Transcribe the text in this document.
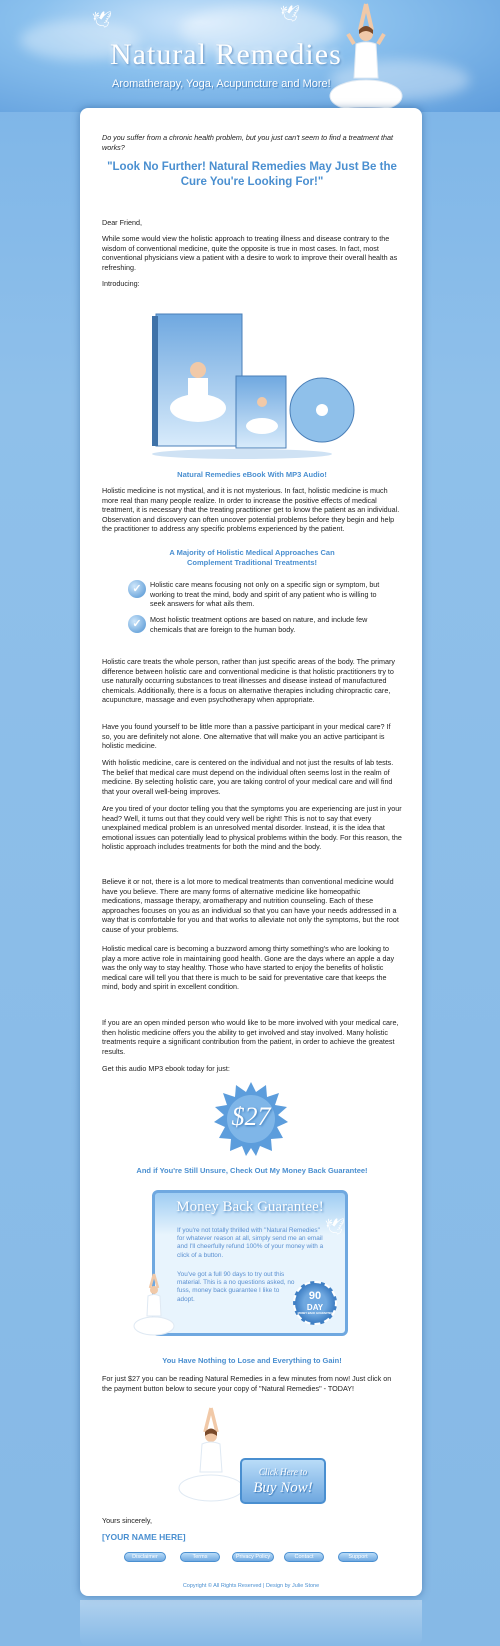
🕊	🕊
Natural Remedies
Aromatherapy, Yoga, Acupuncture and More!
Do you suffer from a chronic health problem, but you just can't seem to find a treatment that works?
"Look No Further! Natural Remedies May Just Be the Cure You're Looking For!"
Dear Friend,
While some would view the holistic approach to treating illness and disease contrary to the wisdom of conventional medicine, quite the opposite is true in most cases. In fact, most conventional physicians view a patient with a desire to work to improve their overall health as refreshing.
Introducing:
Natural Remedies eBook With MP3 Audio!
Holistic medicine is not mystical, and it is not mysterious. In fact, holistic medicine is much more real than many people realize. In order to increase the positive effects of medical treatment, it is necessary that the treating practitioner get to know the patient as an individual. Observation and discovery can often uncover potential problems before they begin and help the practitioner to address any specific problems experienced by the patient.
A Majority of Holistic Medical Approaches Can Complement Traditional Treatments!
✓	Holistic care means focusing not only on a specific sign or symptom, but working to treat the mind, body and spirit of any patient who is willing to seek answers for what ails them.
✓	Most holistic treatment options are based on nature, and include few chemicals that are foreign to the human body.
Holistic care treats the whole person, rather than just specific areas of the body. The primary difference between holistic care and conventional medicine is that holistic practitioners try to use naturally occurring substances to treat illnesses and disease instead of manufactured chemicals. Additionally, there is a focus on alternative therapies including chiropractic care, acupuncture, massage and even psychotherapy when appropriate.
Have you found yourself to be little more than a passive participant in your medical care? If so, you are definitely not alone. One alternative that will make you an active participant is holistic medicine.
With holistic medicine, care is centered on the individual and not just the results of lab tests. The belief that medical care must depend on the individual often seems lost in the realm of medicine. By selecting holistic care, you are taking control of your medical care and will find that your overall well-being improves.
Are you tired of your doctor telling you that the symptoms you are experiencing are just in your head? Well, it turns out that they could very well be right! This is not to say that every unexplained medical problem is an unresolved mental disorder. Instead, it is the idea that emotional issues can potentially lead to physical problems within the body. For this reason, the holistic approach includes treatments for both the mind and the body.
Believe it or not, there is a lot more to medical treatments than conventional medicine would have you believe. There are many forms of alternative medicine like homeopathic medications, massage therapy, aromatherapy and nutrition counseling. Each of these approaches focuses on you as an individual so that you can have your needs addressed in a way that is comfortable for you and that works to alleviate not only the symptoms, but the root cause of your problems.
Holistic medical care is becoming a buzzword among thirty something's who are looking to play a more active role in maintaining good health. Gone are the days where an apple a day was the only way to stay healthy. Those who have started to enjoy the benefits of holistic medical care will tell you that there is much to be said for preventative care that keeps the mind, body and spirit in excellent condition.
If you are an open minded person who would like to be more involved with your medical care, then holistic medicine offers you the ability to get involved and stay involved. Many holistic treatments require a significant contribution from the patient, in order to achieve the greatest results.
Get this audio MP3 ebook today for just:
$27
And if You're Still Unsure, Check Out My Money Back Guarantee!
Money Back Guarantee!
If you're not totally thrilled with "Natural Remedies" for whatever reason at all, simply send me an email and I'll cheerfully refund 100% of your money with a click of a button.
You've got a full 90 days to try out this material. This is a no questions asked, no fuss, money back guarantee I like to adopt.	90
DAY
MONEY BACK GUARANTEE
🕊
You Have Nothing to Lose and Everything to Gain!
For just $27 you can be reading Natural Remedies in a few minutes from now! Just click on the payment button below to secure your copy of "Natural Remedies" - TODAY!
Click Here to
Buy Now!
Yours sincerely,
[YOUR NAME HERE]
Disclaimer	Terms	Privacy Policy	Contact	Support
Copyright © All Rights Reserved | Design by Julie Stone
